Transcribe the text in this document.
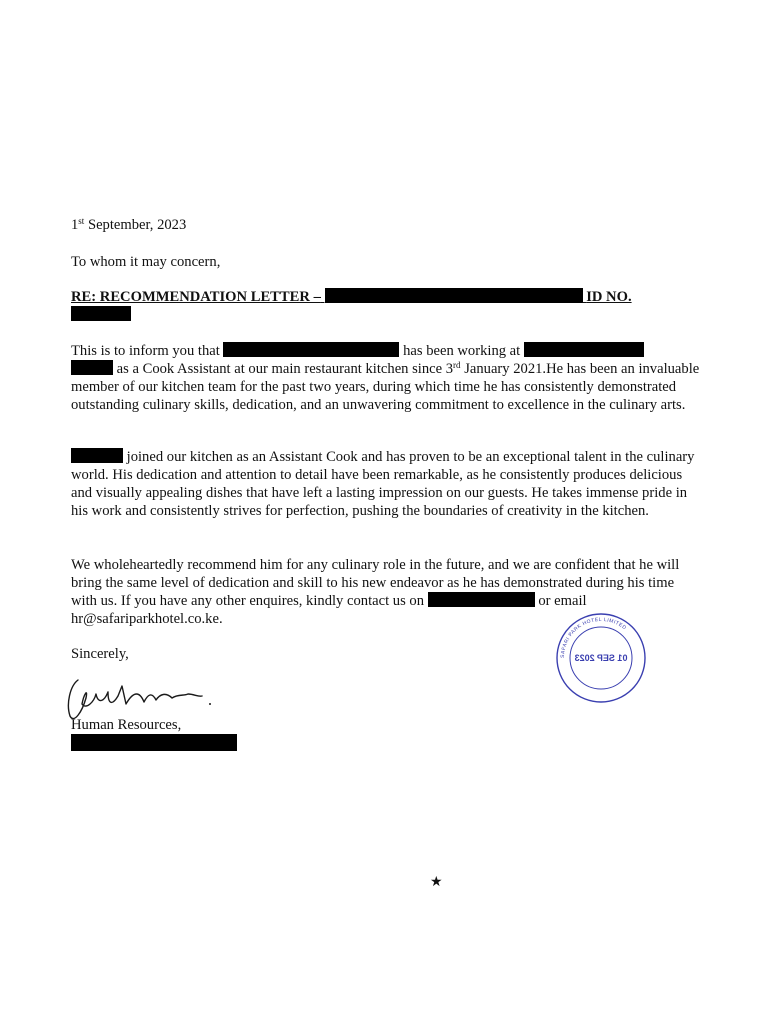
1st September, 2023

To whom it may concern,

RE: RECOMMENDATION LETTER –	ID NO.

This is to inform you that	has been working at
as a Cook Assistant at our main restaurant kitchen since 3rd January 2021.He has been an invaluable member of our kitchen team for the past two years, during which time he has consistently demonstrated outstanding culinary skills, dedication, and an unwavering commitment to excellence in the culinary arts.

joined our kitchen as an Assistant Cook and has proven to be an exceptional talent in the culinary world. His dedication and attention to detail have been remarkable, as he consistently produces delicious and visually appealing dishes that have left a lasting impression on our guests. He takes immense pride in his work and consistently strives for perfection, pushing the boundaries of creativity in the kitchen.

We wholeheartedly recommend him for any culinary role in the future, and we are confident that he will bring the same level of dedication and skill to his new endeavor as he has demonstrated during his time with us. If you have any other enquires, kindly contact us on	or email hr@safariparkhotel.co.ke.

Sincerely,

Human Resources,

SAFARI PARK HOTEL LIMITED
01 SEP 2023
★
